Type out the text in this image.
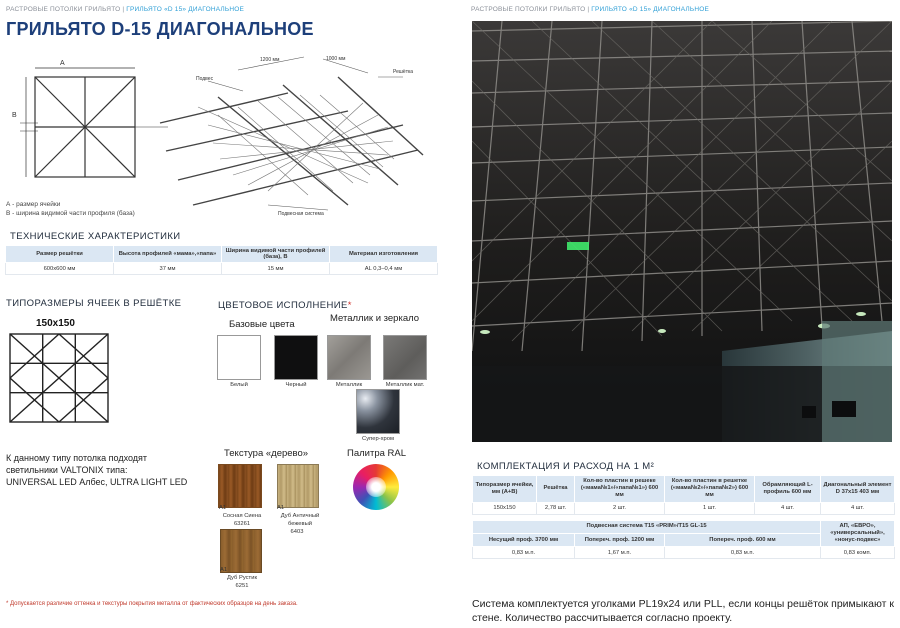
РАСТРОВЫЕ ПОТОЛКИ ГРИЛЬЯТО | ГРИЛЬЯТО «D 15» ДИАГОНАЛЬНОЕ
ГРИЛЬЯТО D-15 ДИАГОНАЛЬНОЕ
А
В
Подвес
Решётка
1200 мм	1000 мм
Подвесная система
А - размер ячейки
В - ширина видимой части профиля (база)
ТЕХНИЧЕСКИЕ ХАРАКТЕРИСТИКИ
Размер решётки	Высота профилей «мама»,«папа»	Ширина видимой части профилей (база), В	Материал изготовления
600x600 мм	37 мм	15 мм	AL 0,3–0,4 мм
ТИПОРАЗМЕРЫ ЯЧЕЕК В РЕШЁТКЕ
150x150
ЦВЕТОВОЕ ИСПОЛНЕНИЕ*
Базовые цвета
Металлик и зеркало
Белый	Черный	Металлик	Металлик мат.
Супер-хром
К данному типу потолка подходят
светильники VALTONIX типа:
UNIVERSAL LED Албес, ULTRA LIGHT LED
Текстура «дерево»
A1
Сосная Сиена
63261
A1
Дуб Античный
бежевый
6403
A1
Дуб Рустик
6251
Палитра RAL
* Допускается различие оттенка и текстуры покрытия металла от фактических образцов на день заказа.
РАСТРОВЫЕ ПОТОЛКИ ГРИЛЬЯТО | ГРИЛЬЯТО «D 15» ДИАГОНАЛЬНОЕ
КОМПЛЕКТАЦИЯ И РАСХОД НА 1 М²
Типоразмер ячейки, мм (А+В)	Решётка	Кол-во пластин в решеке («мама№1»/«папа№1») 600 мм	Кол-во пластин в решетке («мама№2»/«папа№2») 600 мм	Обрамляющий L-профиль 600 мм	Диагональный элемент D 37х15 403 мм
150x150	2,78 шт.	2 шт.	1 шт.	4 шт.	4 шт.

Подвесная система Т15 «PRIM»/Т15 GL-15					АП, «ЕВРО», «универсальный», «нонус-подвес»
Несущий проф. 3700 мм		Попереч. проф. 1200 мм	Попереч. проф. 600 мм		
0,83 м.п.		1,67 м.п.	0,83 м.п.		0,83 комп.
Система комплектуется уголками PL19x24 или PLL, если концы решёток примыкают к стене. Количество рассчитывается согласно проекту.
